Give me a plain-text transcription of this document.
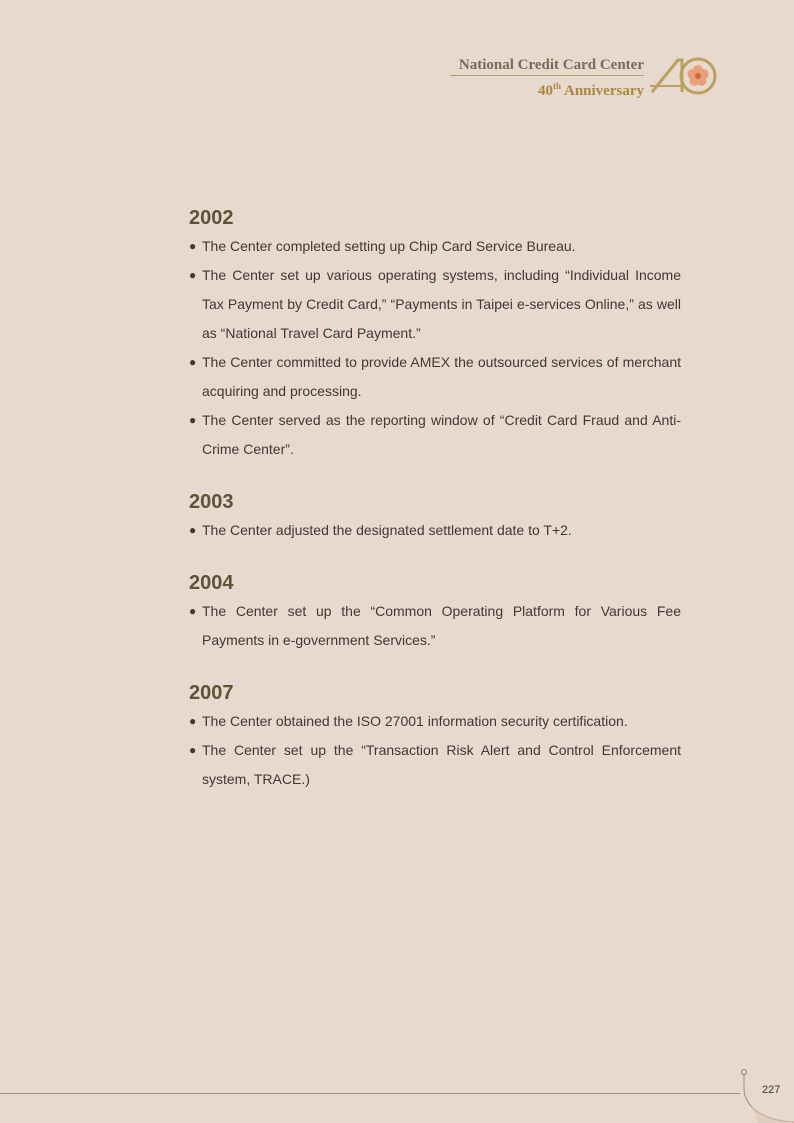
National Credit Card Center
40th Anniversary
2002
● The Center completed setting up Chip Card Service Bureau.
● The Center set up various operating systems, including “Individual Income Tax Payment by Credit Card,” “Payments in Taipei e-services Online,” as well as “National Travel Card Payment.”
● The Center committed to provide AMEX the outsourced services of merchant acquiring and processing.
● The Center served as the reporting window of “Credit Card Fraud and Anti-Crime Center”.
2003
● The Center adjusted the designated settlement date to T+2.
2004
● The Center set up the “Common Operating Platform for Various Fee Payments in e-government Services.”
2007
● The Center obtained the ISO 27001 information security certification.
● The Center set up the “Transaction Risk Alert and Control Enforcement system, TRACE.)
227
